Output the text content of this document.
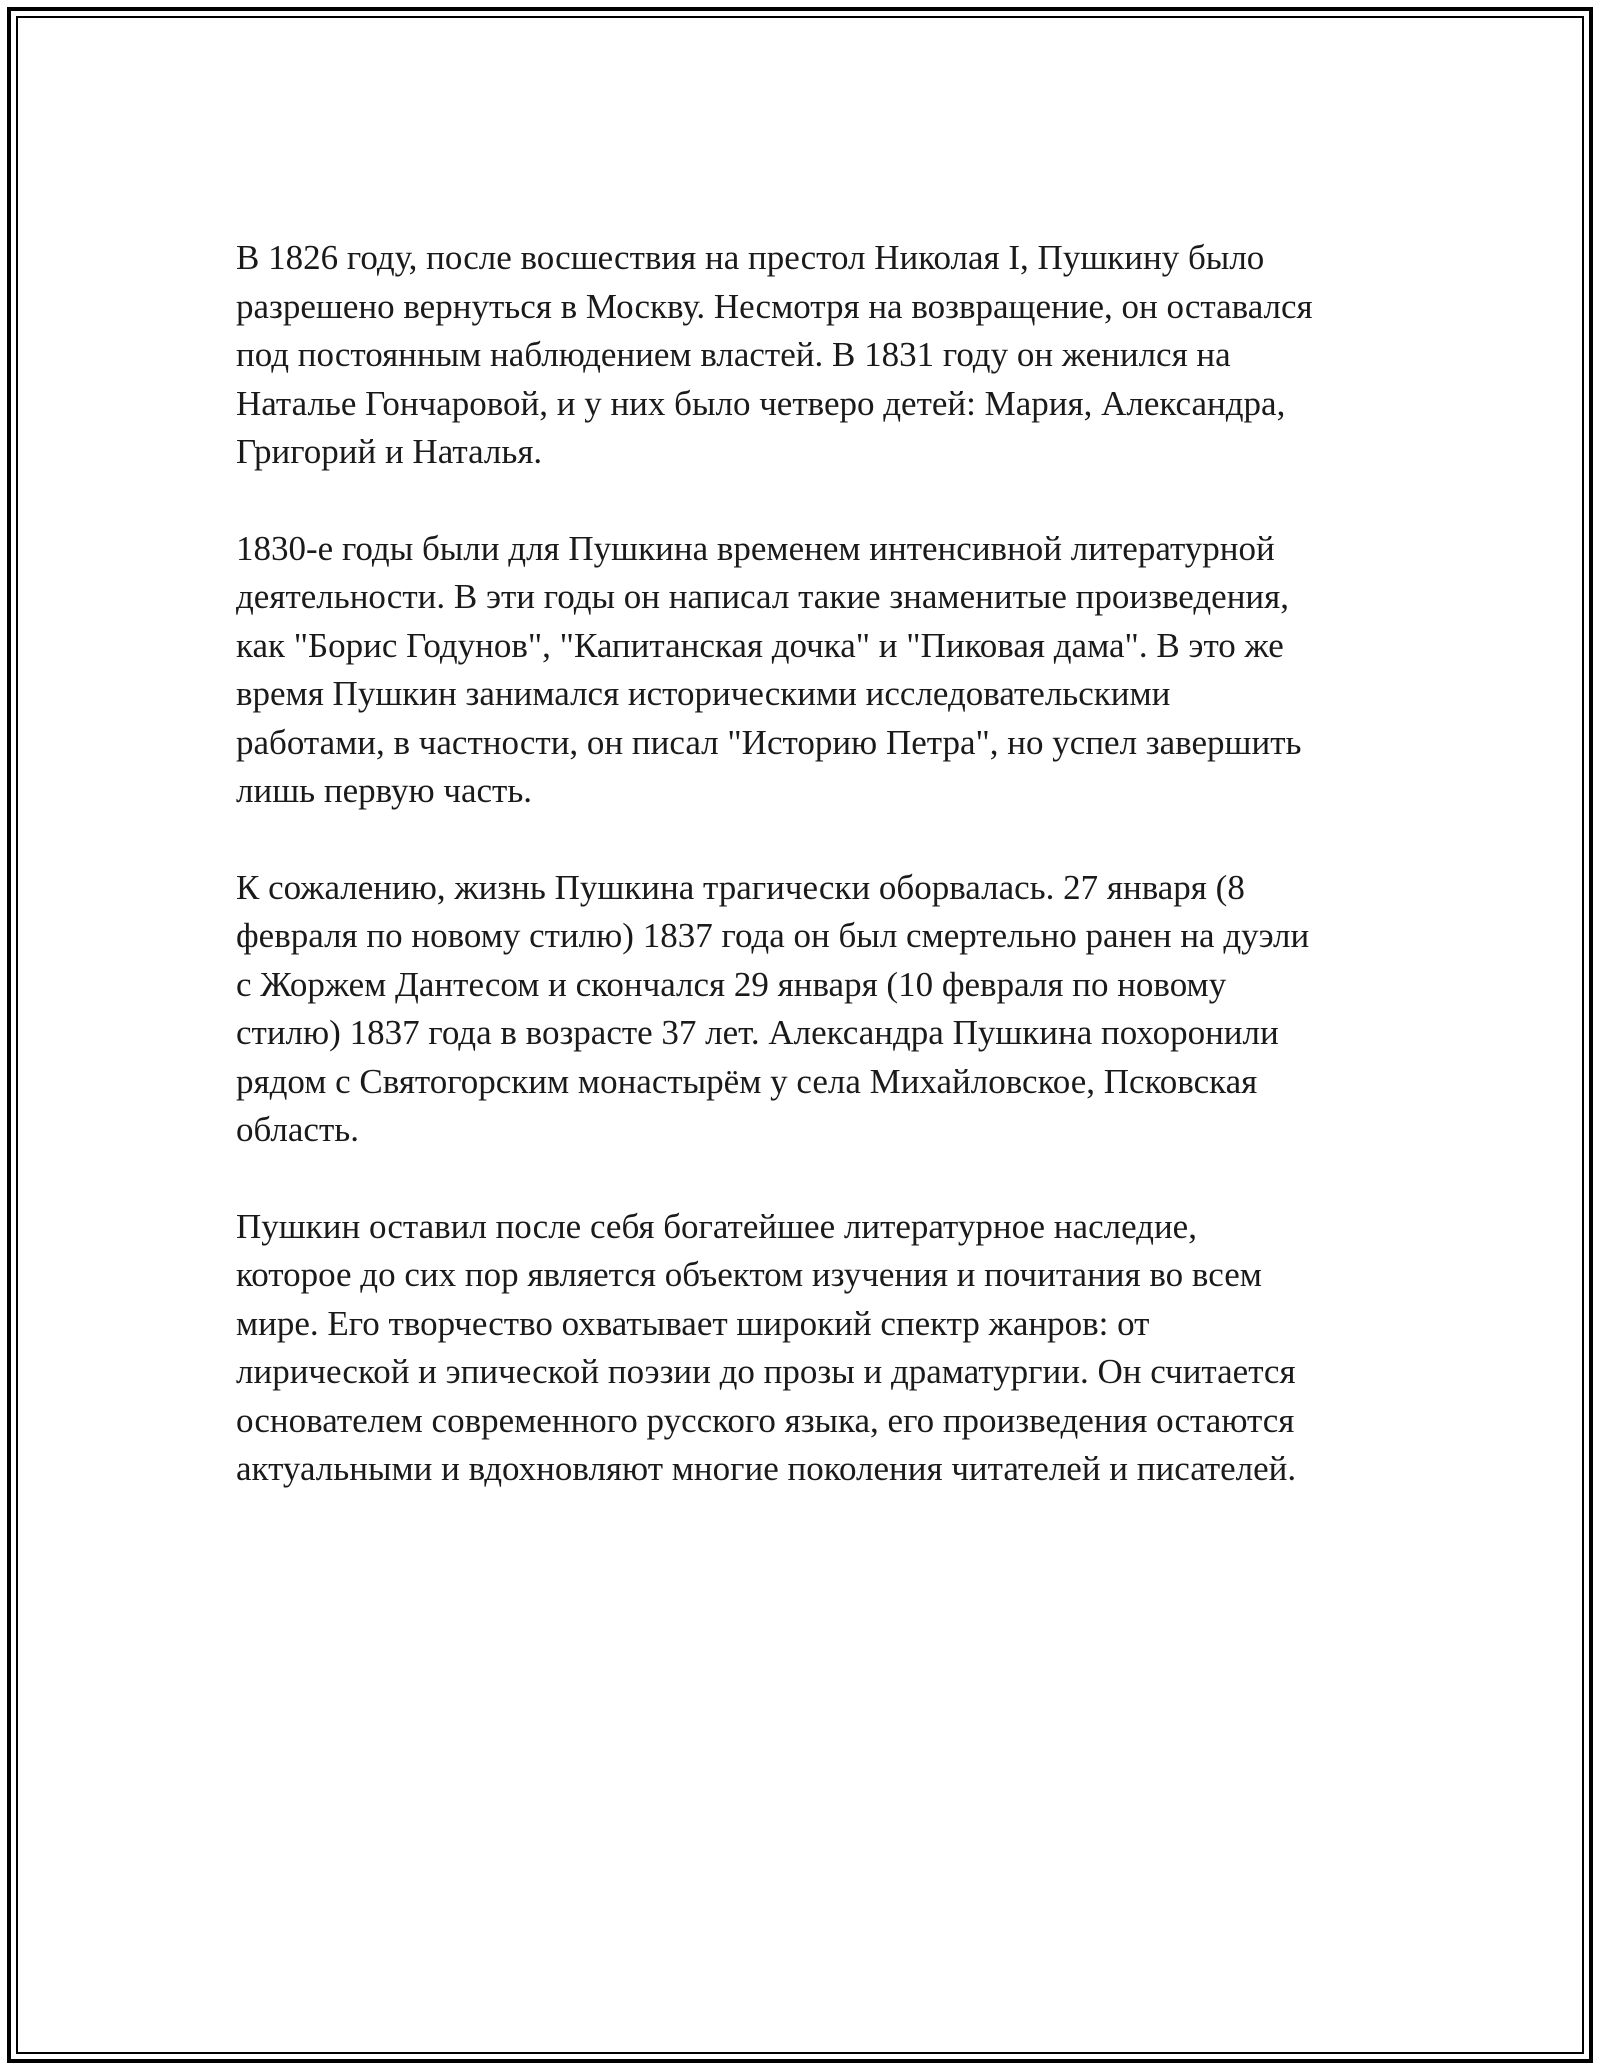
В 1826 году, после восшествия на престол Николая I, Пушкину было
разрешено вернуться в Москву. Несмотря на возвращение, он оставался
под постоянным наблюдением властей. В 1831 году он женился на
Наталье Гончаровой, и у них было четверо детей: Мария, Александра,
Григорий и Наталья.

1830-е годы были для Пушкина временем интенсивной литературной
деятельности. В эти годы он написал такие знаменитые произведения,
как "Борис Годунов", "Капитанская дочка" и "Пиковая дама". В это же
время Пушкин занимался историческими исследовательскими
работами, в частности, он писал "Историю Петра", но успел завершить
лишь первую часть.

К сожалению, жизнь Пушкина трагически оборвалась. 27 января (8
февраля по новому стилю) 1837 года он был смертельно ранен на дуэли
с Жоржем Дантесом и скончался 29 января (10 февраля по новому
стилю) 1837 года в возрасте 37 лет. Александра Пушкина похоронили
рядом с Святогорским монастырём у села Михайловское, Псковская
область.

Пушкин оставил после себя богатейшее литературное наследие,
которое до сих пор является объектом изучения и почитания во всем
мире. Его творчество охватывает широкий спектр жанров: от
лирической и эпической поэзии до прозы и драматургии. Он считается
основателем современного русского языка, его произведения остаются
актуальными и вдохновляют многие поколения читателей и писателей.
